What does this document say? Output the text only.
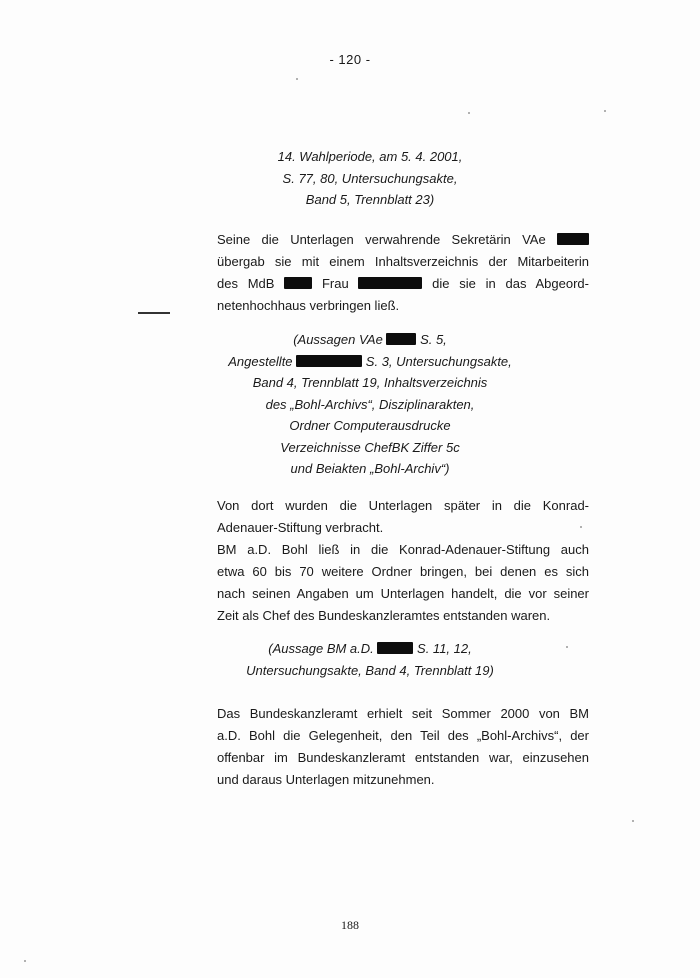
- 120 -
14. Wahlperiode, am 5. 4. 2001,
S. 77, 80, Untersuchungsakte,
Band 5, Trennblatt 23)
Seine die Unterlagen verwahrende Sekretärin VAe
übergab sie mit einem Inhaltsverzeichnis der Mitarbeiterin
des MdB	Frau	die sie in das Abgeord-
netenhochhaus verbringen ließ.
(Aussagen VAe	S. 5,
Angestellte	S. 3, Untersuchungsakte,
Band 4, Trennblatt 19, Inhaltsverzeichnis
des „Bohl-Archivs“, Disziplinarakten,
Ordner Computerausdrucke
Verzeichnisse ChefBK Ziffer 5c
und Beiakten „Bohl-Archiv“)
Von dort wurden die Unterlagen später in die Konrad-
Adenauer-Stiftung verbracht.
BM a.D. Bohl ließ in die Konrad-Adenauer-Stiftung auch
etwa 60 bis 70 weitere Ordner bringen, bei denen es sich
nach seinen Angaben um Unterlagen handelt, die vor seiner
Zeit als Chef des Bundeskanzleramtes entstanden waren.
(Aussage BM a.D.	S. 11, 12,
Untersuchungsakte, Band 4, Trennblatt 19)
Das Bundeskanzleramt erhielt seit Sommer 2000 von BM
a.D. Bohl die Gelegenheit, den Teil des „Bohl-Archivs“, der
offenbar im Bundeskanzleramt entstanden war, einzusehen
und daraus Unterlagen mitzunehmen.
188
